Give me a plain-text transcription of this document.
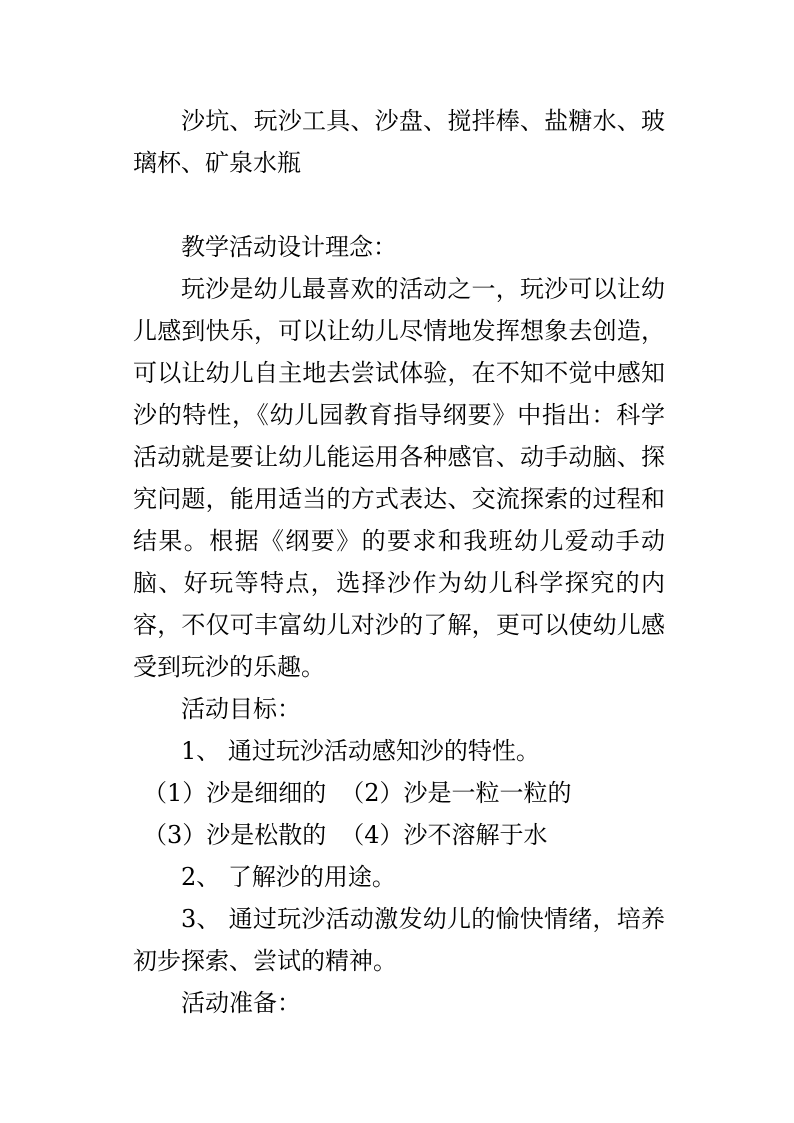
沙坑、玩沙工具、沙盘、搅拌棒、盐糖水、玻璃杯、矿泉水瓶

教学活动设计理念：

玩沙是幼儿最喜欢的活动之一，玩沙可以让幼儿感到快乐，可以让幼儿尽情地发挥想象去创造，可以让幼儿自主地去尝试体验，在不知不觉中感知沙的特性，《幼儿园教育指导纲要》中指出：科学活动就是要让幼儿能运用各种感官、动手动脑、探究问题，能用适当的方式表达、交流探索的过程和结果。根据《纲要》的要求和我班幼儿爱动手动脑、好玩等特点，选择沙作为幼儿科学探究的内容，不仅可丰富幼儿对沙的了解，更可以使幼儿感受到玩沙的乐趣。

活动目标：

1、 通过玩沙活动感知沙的特性。

（1）沙是细细的 （2）沙是一粒一粒的

（3）沙是松散的 （4）沙不溶解于水

2、 了解沙的用途。

3、 通过玩沙活动激发幼儿的愉快情绪，培养初步探索、尝试的精神。

活动准备：
